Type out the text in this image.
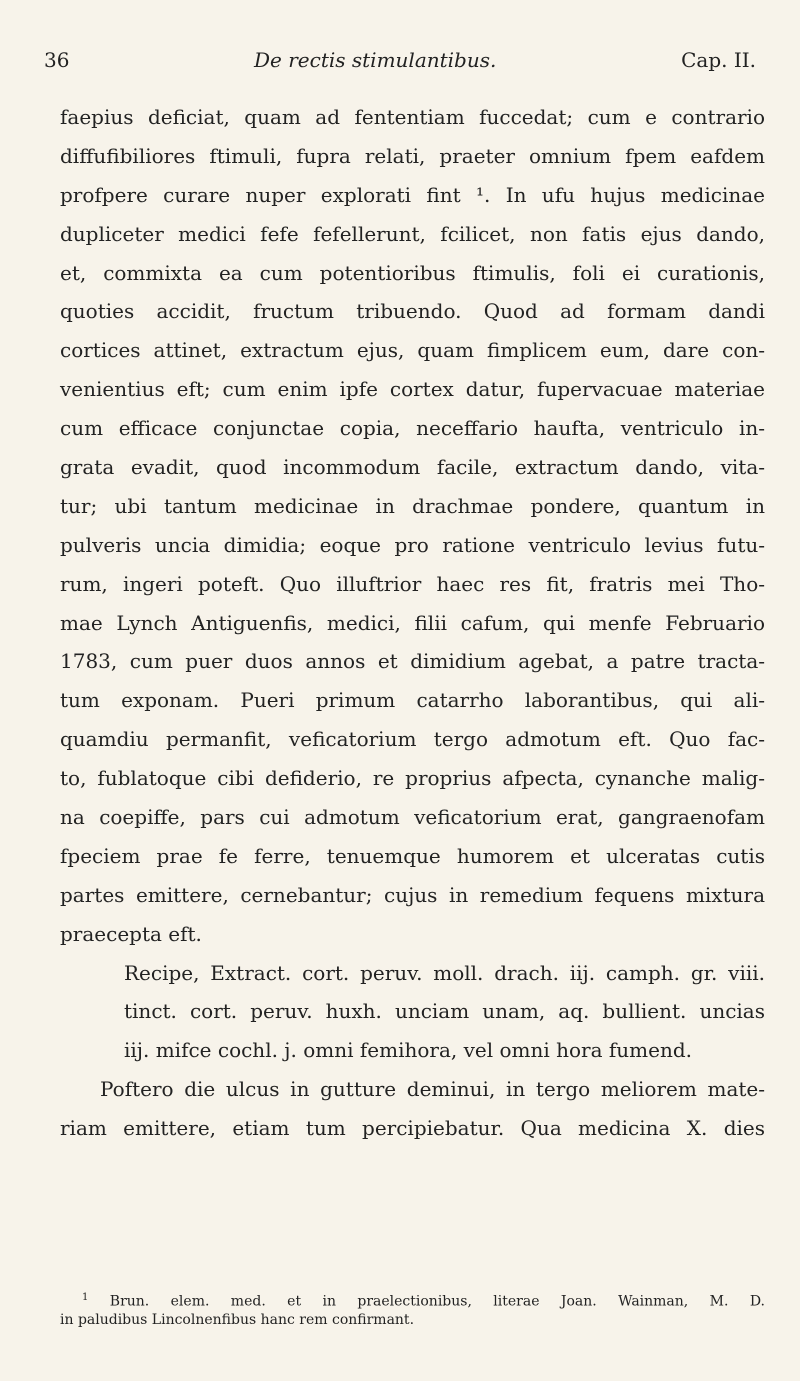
36	De rectis stimulantibus.	Cap. II.
faepius deficiat, quam ad fententiam fuccedat; cum e contrario
diffufibiliores ftimuli, fupra relati, praeter omnium fpem eafdem
profpere curare nuper explorati fint ¹. In ufu hujus medicinae
dupliceter medici fefe fefellerunt, fcilicet, non fatis ejus dando,
et, commixta ea cum potentioribus ftimulis, foli ei curationis,
quoties accidit, fructum tribuendo. Quod ad formam dandi
cortices attinet, extractum ejus, quam fimplicem eum, dare con-
venientius eft; cum enim ipfe cortex datur, fupervacuae materiae
cum efficace conjunctae copia, neceffario haufta, ventriculo in-
grata evadit, quod incommodum facile, extractum dando, vita-
tur; ubi tantum medicinae in drachmae pondere, quantum in
pulveris uncia dimidia; eoque pro ratione ventriculo levius futu-
rum, ingeri poteft. Quo illuftrior haec res fit, fratris mei Tho-
mae Lynch Antiguenfis, medici, filii cafum, qui menfe Februario
1783, cum puer duos annos et dimidium agebat, a patre tracta-
tum exponam. Pueri primum catarrho laborantibus, qui ali-
quamdiu permanfit, veficatorium tergo admotum eft. Quo fac-
to, fublatoque cibi defiderio, re proprius afpecta, cynanche malig-
na coepiffe, pars cui admotum veficatorium erat, gangraenofam
fpeciem prae fe ferre, tenuemque humorem et ulceratas cutis
partes emittere, cernebantur; cujus in remedium fequens mixtura
praecepta eft.
Recipe, Extract. cort. peruv. moll. drach. iij. camph. gr. viii.
tinct. cort. peruv. huxh. unciam unam, aq. bullient. uncias
iij. mifce cochl. j. omni femihora, vel omni hora fumend.
Poftero die ulcus in gutture deminui, in tergo meliorem mate-
riam emittere, etiam tum percipiebatur. Qua medicina X. dies
$^1$ Brun. elem. med. et in praelectionibus, literae Joan. Wainman, M. D.
in paludibus Lincolnenfibus hanc rem confirmant.
